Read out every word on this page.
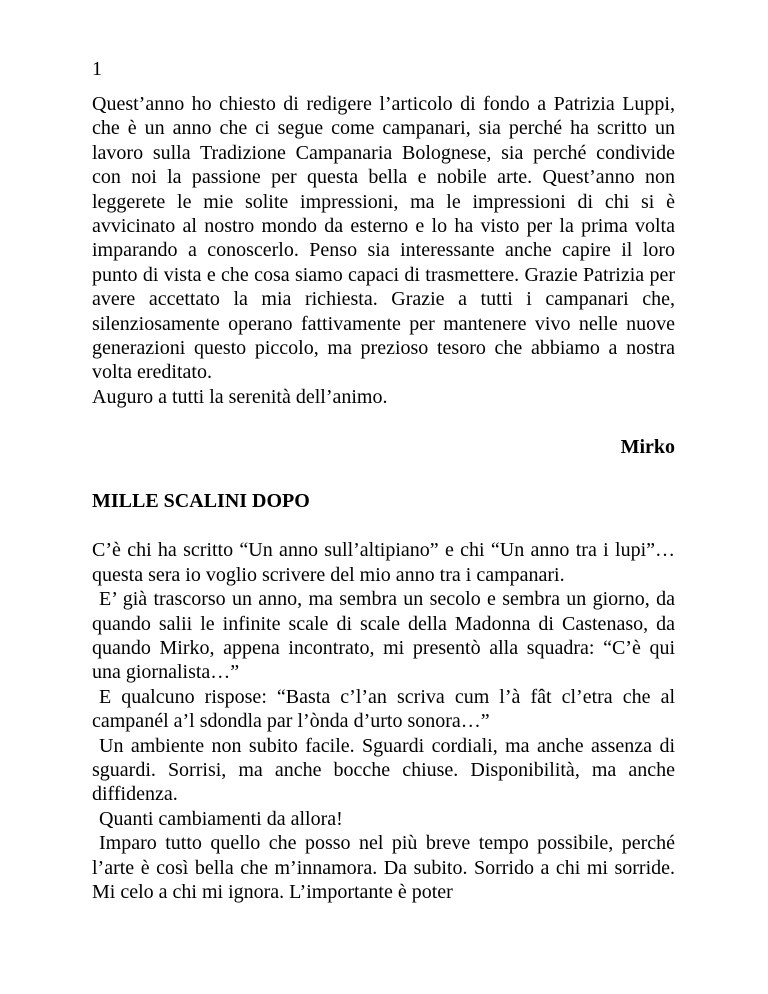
1

Quest’anno ho chiesto di redigere l’articolo di fondo a Patrizia Luppi, che è un anno che ci segue come campanari, sia perché ha scritto un lavoro sulla Tradizione Campanaria Bolognese, sia perché condivide con noi la passione per questa bella e nobile arte. Quest’anno non leggerete le mie solite impressioni, ma le impressioni di chi si è avvicinato al nostro mondo da esterno e lo ha visto per la prima volta imparando a conoscerlo. Penso sia interessante anche capire il loro punto di vista e che cosa siamo capaci di trasmettere. Grazie Patrizia per avere accettato la mia richiesta. Grazie a tutti i campanari che, silenziosamente operano fattivamente per mantenere vivo nelle nuove generazioni questo piccolo, ma prezioso tesoro che abbiamo a nostra volta ereditato.

Auguro a tutti la serenità dell’animo.

Mirko
MILLE SCALINI DOPO

C’è chi ha scritto “Un anno sull’altipiano” e chi “Un anno tra i lupi”… questa sera io voglio scrivere del mio anno tra i campanari.

E’ già trascorso un anno, ma sembra un secolo e sembra un giorno, da quando salii le infinite scale di scale della Madonna di Castenaso, da quando Mirko, appena incontrato, mi presentò alla squadra: “C’è qui una giornalista…”

E qualcuno rispose: “Basta c’l’an scriva cum l’à fât cl’etra che al campanél a’l sdondla par l’ònda d’urto sonora…”

Un ambiente non subito facile. Sguardi cordiali, ma anche assenza di sguardi. Sorrisi, ma anche bocche chiuse. Disponibilità, ma anche diffidenza.

Quanti cambiamenti da allora!

Imparo tutto quello che posso nel più breve tempo possibile, perché l’arte è così bella che m’innamora. Da subito. Sorrido a chi mi sorride. Mi celo a chi mi ignora. L’importante è poter
